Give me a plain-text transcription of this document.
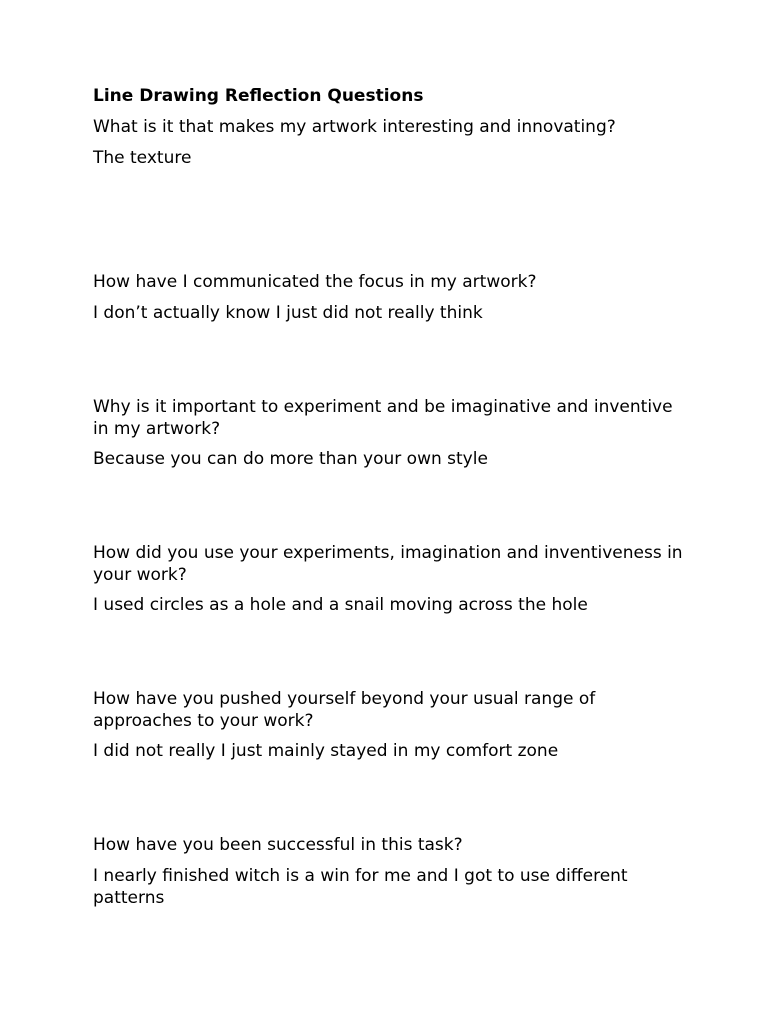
Line Drawing Reflection Questions

What is it that makes my artwork interesting and innovating?

The texture

How have I communicated the focus in my artwork?

I don’t actually know I just did not really think

Why is it important to experiment and be imaginative and inventive in my artwork?

Because you can do more than your own style

How did you use your experiments, imagination and inventiveness in your work?

I used circles as a hole and a snail moving across the hole

How have you pushed yourself beyond your usual range of approaches to your work?

I did not really I just mainly stayed in my comfort zone

How have you been successful in this task?

I nearly finished witch is a win for me and I got to use different patterns
